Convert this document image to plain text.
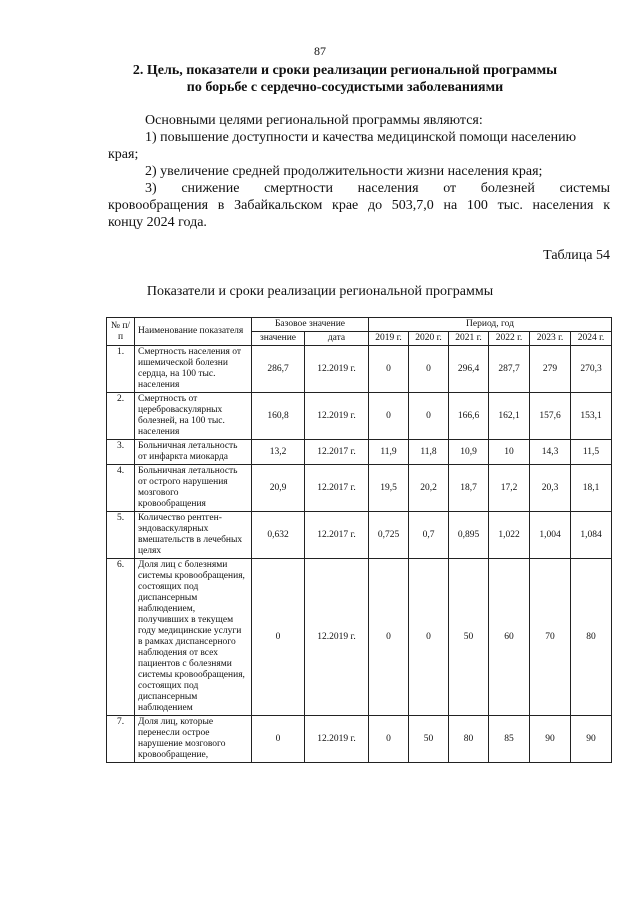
87
2. Цель, показатели и сроки реализации региональной программы
по борьбе с сердечно-сосудистыми заболеваниями
Основными целями региональной программы являются:
1) повышение доступности и качества медицинской помощи населению
края;
2) увеличение средней продолжительности жизни населения края;
3) снижение смертности населения от болезней системы
кровообращения в Забайкальском крае до 503,7,0 на 100 тыс. населения к
концу 2024 года.
Таблица 54
Показатели и сроки реализации региональной программы
№ п/п	Наименование показателя	Базовое значение		Период, год					
		значение	дата	2019 г.	2020 г.	2021 г.	2022 г.	2023 г.	2024 г.
1.	Смертность населения от ишемической болезни сердца, на 100 тыс. населения	286,7	12.2019 г.	0	0	296,4	287,7	279	270,3
2.	Смертность от цереброваскулярных болезней, на 100 тыс. населения	160,8	12.2019 г.	0	0	166,6	162,1	157,6	153,1
3.	Больничная летальность от инфаркта миокарда	13,2	12.2017 г.	11,9	11,8	10,9	10	14,3	11,5
4.	Больничная летальность от острого нарушения мозгового кровообращения	20,9	12.2017 г.	19,5	20,2	18,7	17,2	20,3	18,1
5.	Количество рентген-эндоваскулярных вмешательств в лечебных целях	0,632	12.2017 г.	0,725	0,7	0,895	1,022	1,004	1,084
6.	Доля лиц с болезнями системы кровообращения, состоящих под диспансерным наблюдением, получивших в текущем году медицинские услуги в рамках диспансерного наблюдения от всех пациентов с болезнями системы кровообращения, состоящих под диспансерным наблюдением	0	12.2019 г.	0	0	50	60	70	80
7.	Доля лиц, которые перенесли острое нарушение мозгового кровообращение,	0	12.2019 г.	0	50	80	85	90	90
